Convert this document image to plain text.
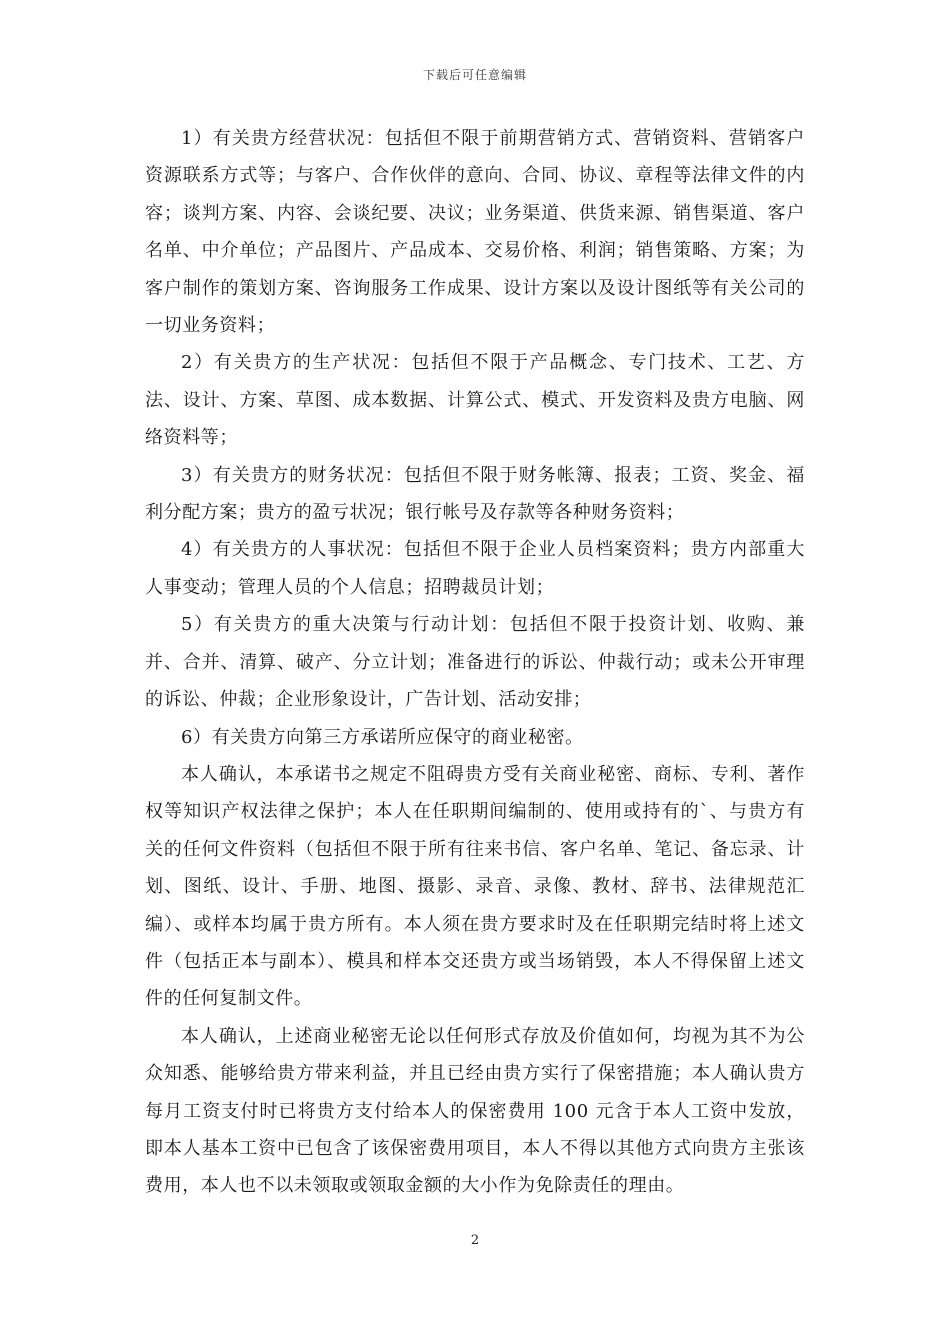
下载后可任意编辑

1）有关贵方经营状况：包括但不限于前期营销方式、营销资料、营销客户资源联系方式等；与客户、合作伙伴的意向、合同、协议、章程等法律文件的内容；谈判方案、内容、会谈纪要、决议；业务渠道、供货来源、销售渠道、客户名单、中介单位；产品图片、产品成本、交易价格、利润；销售策略、方案；为客户制作的策划方案、咨询服务工作成果、设计方案以及设计图纸等有关公司的一切业务资料；

2）有关贵方的生产状况：包括但不限于产品概念、专门技术、工艺、方法、设计、方案、草图、成本数据、计算公式、模式、开发资料及贵方电脑、网络资料等；

3）有关贵方的财务状况：包括但不限于财务帐簿、报表；工资、奖金、福利分配方案；贵方的盈亏状况；银行帐号及存款等各种财务资料；

4）有关贵方的人事状况：包括但不限于企业人员档案资料；贵方内部重大人事变动；管理人员的个人信息；招聘裁员计划；

5）有关贵方的重大决策与行动计划：包括但不限于投资计划、收购、兼并、合并、清算、破产、分立计划；准备进行的诉讼、仲裁行动；或未公开审理的诉讼、仲裁；企业形象设计，广告计划、活动安排；

6）有关贵方向第三方承诺所应保守的商业秘密。

本人确认，本承诺书之规定不阻碍贵方受有关商业秘密、商标、专利、著作权等知识产权法律之保护；本人在任职期间编制的、使用或持有的`、与贵方有关的任何文件资料（包括但不限于所有往来书信、客户名单、笔记、备忘录、计划、图纸、设计、手册、地图、摄影、录音、录像、教材、辞书、法律规范汇编）、或样本均属于贵方所有。本人须在贵方要求时及在任职期完结时将上述文件（包括正本与副本）、模具和样本交还贵方或当场销毁，本人不得保留上述文件的任何复制文件。

本人确认，上述商业秘密无论以任何形式存放及价值如何，均视为其不为公众知悉、能够给贵方带来利益，并且已经由贵方实行了保密措施；本人确认贵方每月工资支付时已将贵方支付给本人的保密费用 100 元含于本人工资中发放，即本人基本工资中已包含了该保密费用项目，本人不得以其他方式向贵方主张该费用，本人也不以未领取或领取金额的大小作为免除责任的理由。

2
